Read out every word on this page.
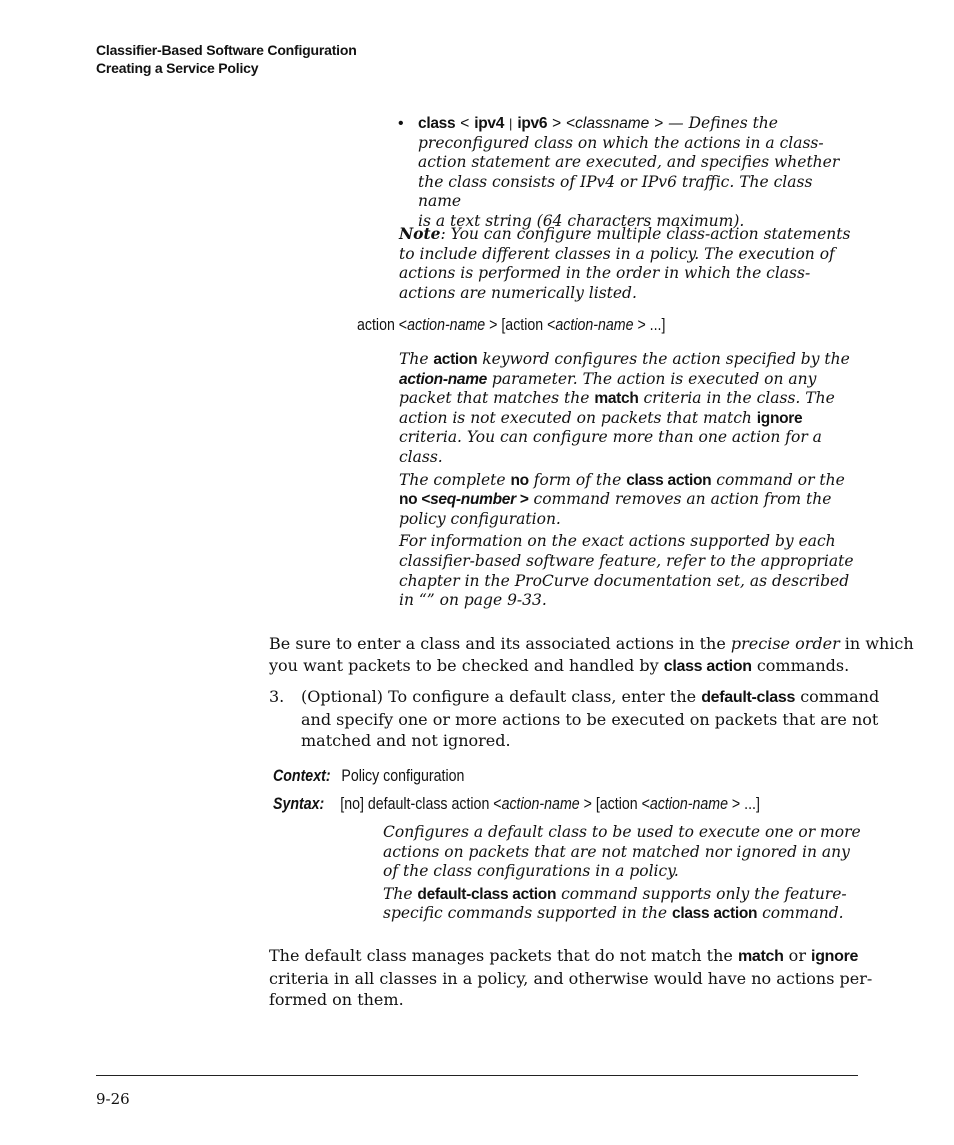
Classifier-Based Software Configuration
Creating a Service Policy
• class < ipv4 | ipv6 > <classname > — Defines the
preconfigured class on which the actions in a class-
action statement are executed, and specifies whether
the class consists of IPv4 or IPv6 traffic. The class name
is a text string (64 characters maximum).
Note: You can configure multiple class-action statements
to include different classes in a policy. The execution of
actions is performed in the order in which the class-
actions are numerically listed.
action <action-name > [action <action-name > ...]
The action keyword configures the action specified by the
action-name parameter. The action is executed on any
packet that matches the match criteria in the class. The
action is not executed on packets that match ignore
criteria. You can configure more than one action for a
class.
The complete no form of the class action command or the
no <seq-number > command removes an action from the
policy configuration.
For information on the exact actions supported by each
classifier-based software feature, refer to the appropriate
chapter in the ProCurve documentation set, as described
in “” on page 9-33.
Be sure to enter a class and its associated actions in the precise order in which
you want packets to be checked and handled by class action commands.
3. (Optional) To configure a default class, enter the default-class command
and specify one or more actions to be executed on packets that are not
matched and not ignored.
Context: Policy configuration
Syntax: [no] default-class action <action-name > [action <action-name > ...]
Configures a default class to be used to execute one or more
actions on packets that are not matched nor ignored in any
of the class configurations in a policy.
The default-class action command supports only the feature-
specific commands supported in the class action command.
The default class manages packets that do not match the match or ignore
criteria in all classes in a policy, and otherwise would have no actions per-
formed on them.
9-26
